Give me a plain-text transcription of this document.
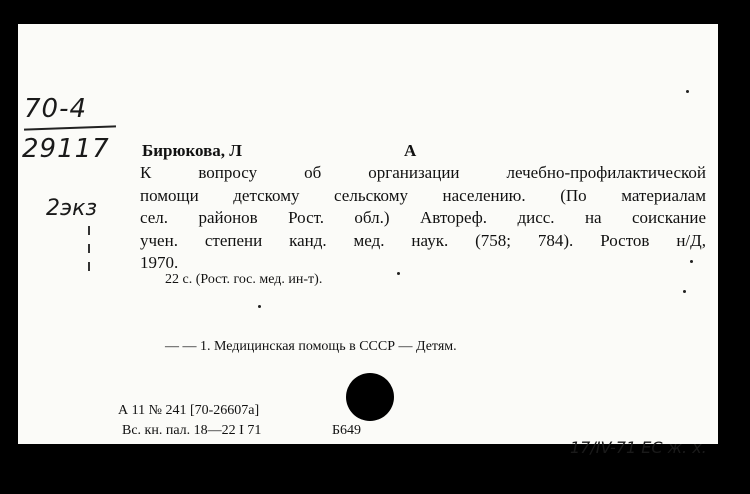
70-4
29117
2экз
Бирюкова, Л	А
К вопросу об организации лечебно-профилактической
помощи детскому сельскому населению. (По материалам
сел. районов Рост. обл.) Автореф. дисс. на соискание
учен. степени канд. мед. наук. (758; 784). Ростов н/Д,
1970.
22 с. (Рост. гос. мед. ин-т).
— — 1. Медицинская помощь в СССР — Детям.
А 11 № 241 [70-26607а]
Вс. кн. пал. 18—22 I 71	Б649
17/IV-71 ЕС ж. х.
